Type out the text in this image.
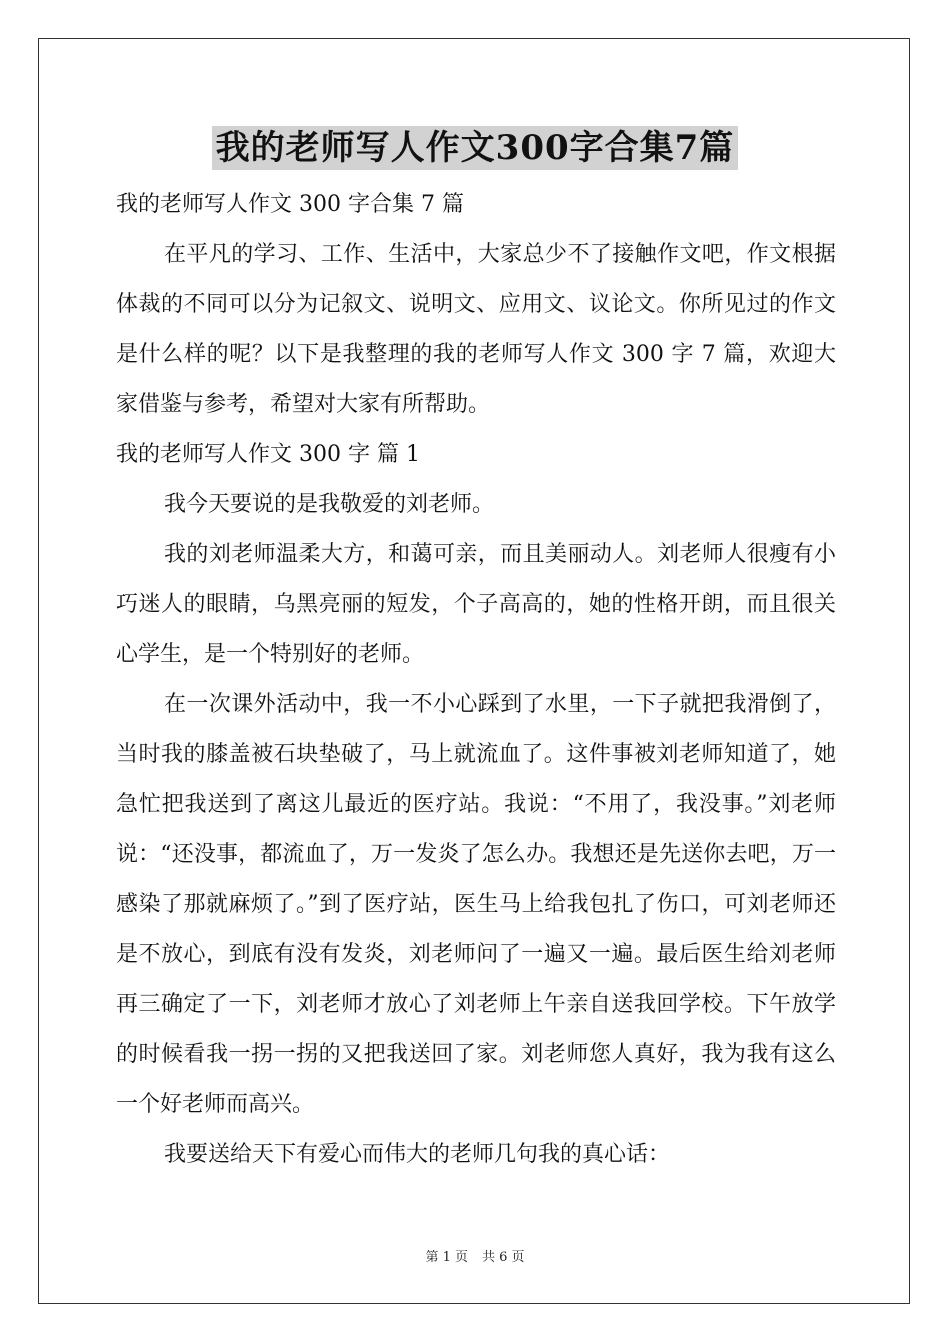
我的老师写人作文300字合集7篇

我的老师写人作文 300 字合集 7 篇

在平凡的学习、工作、生活中，大家总少不了接触作文吧，作文根据体裁的不同可以分为记叙文、说明文、应用文、议论文。你所见过的作文是什么样的呢？以下是我整理的我的老师写人作文 300 字 7 篇，欢迎大家借鉴与参考，希望对大家有所帮助。

我的老师写人作文 300 字 篇 1

我今天要说的是我敬爱的刘老师。

我的刘老师温柔大方，和蔼可亲，而且美丽动人。刘老师人很瘦有小巧迷人的眼睛，乌黑亮丽的短发，个子高高的，她的性格开朗，而且很关心学生，是一个特别好的老师。

在一次课外活动中，我一不小心踩到了水里，一下子就把我滑倒了，当时我的膝盖被石块垫破了，马上就流血了。这件事被刘老师知道了，她急忙把我送到了离这儿最近的医疗站。我说：“不用了，我没事。”刘老师说：“还没事，都流血了，万一发炎了怎么办。我想还是先送你去吧，万一感染了那就麻烦了。”到了医疗站，医生马上给我包扎了伤口，可刘老师还是不放心，到底有没有发炎，刘老师问了一遍又一遍。最后医生给刘老师再三确定了一下，刘老师才放心了刘老师上午亲自送我回学校。下午放学的时候看我一拐一拐的又把我送回了家。刘老师您人真好，我为我有这么一个好老师而高兴。

我要送给天下有爱心而伟大的老师几句我的真心话：

第 1 页 共 6 页
